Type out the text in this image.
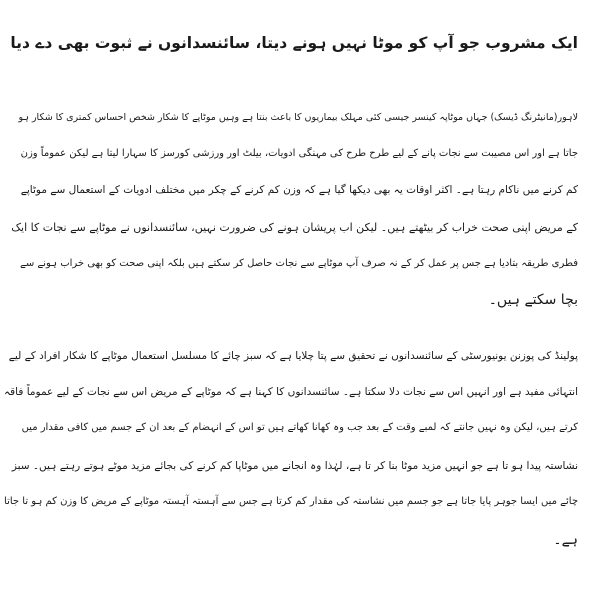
ایک مشروب جو آپ کو موٹا نہیں ہونے دیتا، سائنسدانوں نے ثبوت بھی دے دیا
لاہور(مانیٹرنگ ڈیسک) جہاں موٹاپہ کینسر جیسی کئی مہلک بیماریوں کا باعث بنتا ہے وہیں موٹاپے کا شکار شخص احساس کمتری کا شکار ہو
جاتا ہے اور اس مصیبت سے نجات پانے کے لیے طرح طرح کی مہنگی ادویات، بیلٹ اور ورزشی کورسز کا سہارا لیتا ہے لیکن عموماً وزن
کم کرنے میں ناکام رہتا ہے۔ اکثر اوقات یہ بھی دیکھا گیا ہے کہ وزن کم کرنے کے چکر میں مختلف ادویات کے استعمال سے موٹاپے
کے مریض اپنی صحت خراب کر بیٹھتے ہیں۔ لیکن اب پریشان ہونے کی ضرورت نہیں، سائنسدانوں نے موٹاپے سے نجات کا ایک
فطری طریقہ بتادیا ہے جس پر عمل کر کے نہ صرف آپ موٹاپے سے نجات حاصل کر سکتے ہیں بلکہ اپنی صحت کو بھی خراب ہونے سے
بچا سکتے ہیں۔
پولینڈ کی پوزنن یونیورسٹی کے سائنسدانوں نے تحقیق سے پتا چلایا ہے کہ سبز چائے کا مسلسل استعمال موٹاپے کا شکار افراد کے لیے
انتہائی مفید ہے اور انہیں اس سے نجات دلا سکتا ہے۔ سائنسدانوں کا کہنا ہے کہ موٹاپے کے مریض اس سے نجات کے لیے عموماً فاقہ
کرتے ہیں، لیکن وہ نہیں جانتے کہ لمبے وقت کے بعد جب وہ کھانا کھاتے ہیں تو اس کے انہضام کے بعد ان کے جسم میں کافی مقدار میں
نشاستہ پیدا ہو تا ہے جو انہیں مزید موٹا بنا کر تا ہے، لہٰذا وہ انجانے میں موٹاپا کم کرنے کی بجائے مزید موٹے ہوتے رہتے ہیں۔ سبز
چائے میں ایسا جوہر پایا جاتا ہے جو جسم میں نشاستہ کی مقدار کم کرتا ہے جس سے آہستہ آہستہ موٹاپے کے مریض کا وزن کم ہو تا جاتا
ہے۔
